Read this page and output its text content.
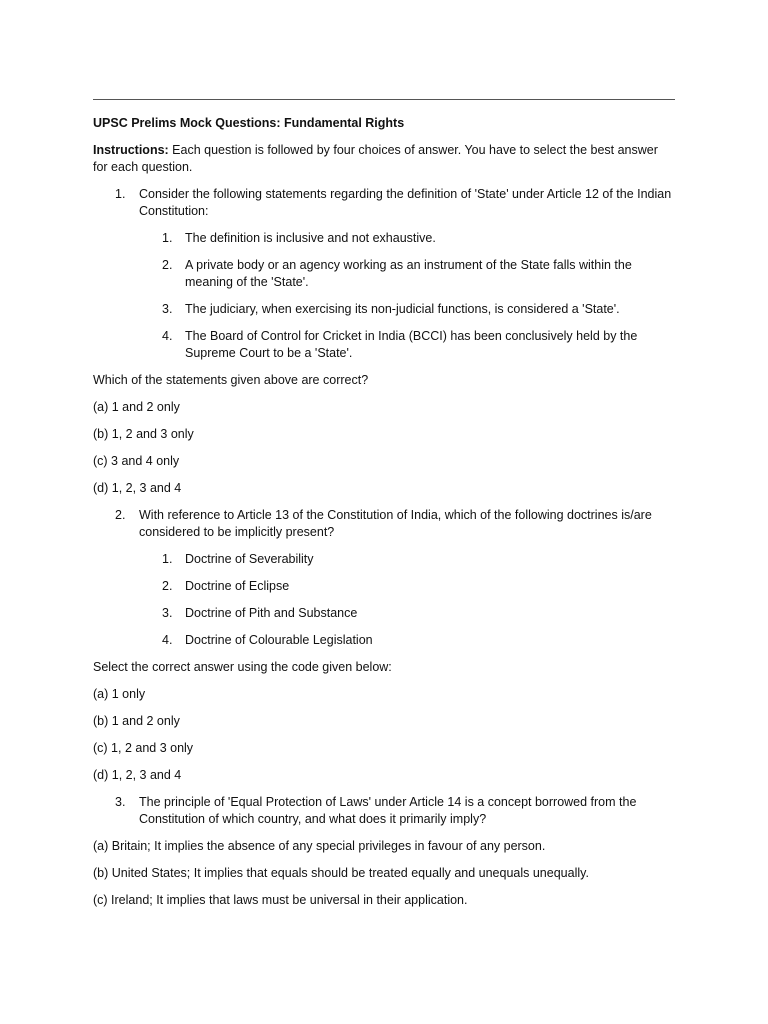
UPSC Prelims Mock Questions: Fundamental Rights
Instructions: Each question is followed by four choices of answer. You have to select the best answer for each question.
1. Consider the following statements regarding the definition of 'State' under Article 12 of the Indian Constitution:
1. The definition is inclusive and not exhaustive.
2. A private body or an agency working as an instrument of the State falls within the meaning of the 'State'.
3. The judiciary, when exercising its non-judicial functions, is considered a 'State'.
4. The Board of Control for Cricket in India (BCCI) has been conclusively held by the Supreme Court to be a 'State'.
Which of the statements given above are correct?
(a) 1 and 2 only
(b) 1, 2 and 3 only
(c) 3 and 4 only
(d) 1, 2, 3 and 4
2. With reference to Article 13 of the Constitution of India, which of the following doctrines is/are considered to be implicitly present?
1. Doctrine of Severability
2. Doctrine of Eclipse
3. Doctrine of Pith and Substance
4. Doctrine of Colourable Legislation
Select the correct answer using the code given below:
(a) 1 only
(b) 1 and 2 only
(c) 1, 2 and 3 only
(d) 1, 2, 3 and 4
3. The principle of 'Equal Protection of Laws' under Article 14 is a concept borrowed from the Constitution of which country, and what does it primarily imply?
(a) Britain; It implies the absence of any special privileges in favour of any person.
(b) United States; It implies that equals should be treated equally and unequals unequally.
(c) Ireland; It implies that laws must be universal in their application.
